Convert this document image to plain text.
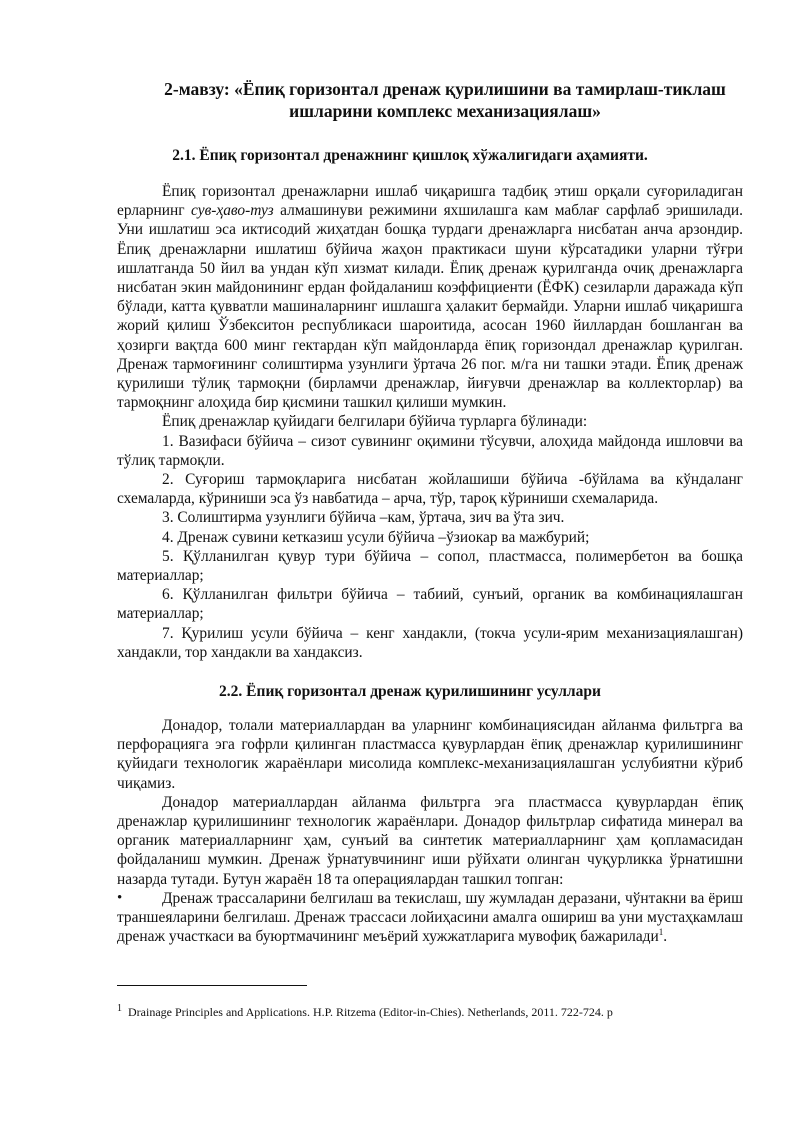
2-мавзу: «Ёпиқ горизонтал дренаж қурилишини ва тамирлаш-тиклаш ишларини комплекс механизациялаш»
2.1. Ёпиқ горизонтал дренажнинг қишлоқ хўжалигидаги аҳамияти.

Ёпиқ горизонтал дренажларни ишлаб чиқаришга тадбиқ этиш орқали суғориладиган ерларнинг сув-ҳаво-туз алмашинуви режимини яхшилашга кам маблағ сарфлаб эришилади. Уни ишлатиш эса иктисодий жиҳатдан бошқа турдаги дренажларга нисбатан анча арзондир. Ёпиқ дренажларни ишлатиш бўйича жаҳон практикаси шуни кўрсатадики уларни тўғри ишлатганда 50 йил ва ундан кўп хизмат килади. Ёпиқ дренаж қурилганда очиқ дренажларга нисбатан экин майдонининг ердан фойдаланиш коэффициенти (ЁФК) сезиларли даражада кўп бўлади, катта қувватли машиналарнинг ишлашга ҳалакит бермайди. Уларни ишлаб чиқаришга жорий қилиш Ўзбекситон республикаси шароитида, асосан 1960 йиллардан бошланган ва ҳозирги вақтда 600 минг гектардан кўп майдонларда ёпиқ горизондал дренажлар қурилган. Дренаж тармоғининг солиштирма узунлиги ўртача 26 пог. м/га ни ташки этади. Ёпиқ дренаж қурилиши тўлиқ тармоқни (бирламчи дренажлар, йиғувчи дренажлар ва коллекторлар) ва тармоқнинг алоҳида бир қисмини ташкил қилиши мумкин.

Ёпиқ дренажлар қуйидаги белгилари бўйича турларга бўлинади:

1. Вазифаси бўйича – сизот сувининг оқимини тўсувчи, алоҳида майдонда ишловчи ва тўлиқ тармоқли.

2. Суғориш тармоқларига нисбатан жойлашиши бўйича -бўйлама ва кўндаланг схемаларда, кўриниши эса ўз навбатида – арча, тўр, тароқ кўриниши схемаларида.

3. Солиштирма узунлиги бўйича –кам, ўртача, зич ва ўта зич.

4. Дренаж сувини кетказиш усули бўйича –ўзиокар ва мажбурий;

5. Қўлланилган қувур тури бўйича – сопол, пластмасса, полимербетон ва бошқа материаллар;

6. Қўлланилган фильтри бўйича – табиий, сунъий, органик ва комбинациялашган материаллар;

7. Қурилиш усули бўйича – кенг хандакли, (токча усули-ярим механизациялашган) хандакли, тор хандакли ва хандаксиз.

2.2. Ёпиқ горизонтал дренаж қурилишининг усуллари

Донадор, толали материаллардан ва уларнинг комбинациясидан айланма фильтрга ва перфорацияга эга гофрли қилинган пластмасса қувурлардан ёпиқ дренажлар қурилишининг қуйидаги технологик жараёнлари мисолида комплекс-механизациялашган услубиятни кўриб чиқамиз.

Донадор материаллардан айланма фильтрга эга пластмасса қувурлардан ёпиқ дренажлар қурилишининг технологик жараёнлари. Донадор фильтрлар сифатида минерал ва органик материалларнинг ҳам, сунъий ва синтетик материалларнинг ҳам қопламасидан фойдаланиш мумкин. Дренаж ўрнатувчининг иши рўйхати олинган чуқурликка ўрнатишни назарда тутади. Бутун жараён 18 та операциялардан ташкил топган:

•	Дренаж трассаларини белгилаш ва текислаш, шу жумладан деразани, чўнтакни ва ёриш траншеяларини белгилаш. Дренаж трассаси лойиҳасини амалга ошириш ва уни мустаҳкамлаш дренаж участкаси ва буюртмачининг меъёрий хужжатларига мувофиқ бажарилади$^1$.

$^1$ Drainage Principles and Applications. H.P. Ritzema (Editor-in-Chies). Netherlands, 2011. 722-724. p
